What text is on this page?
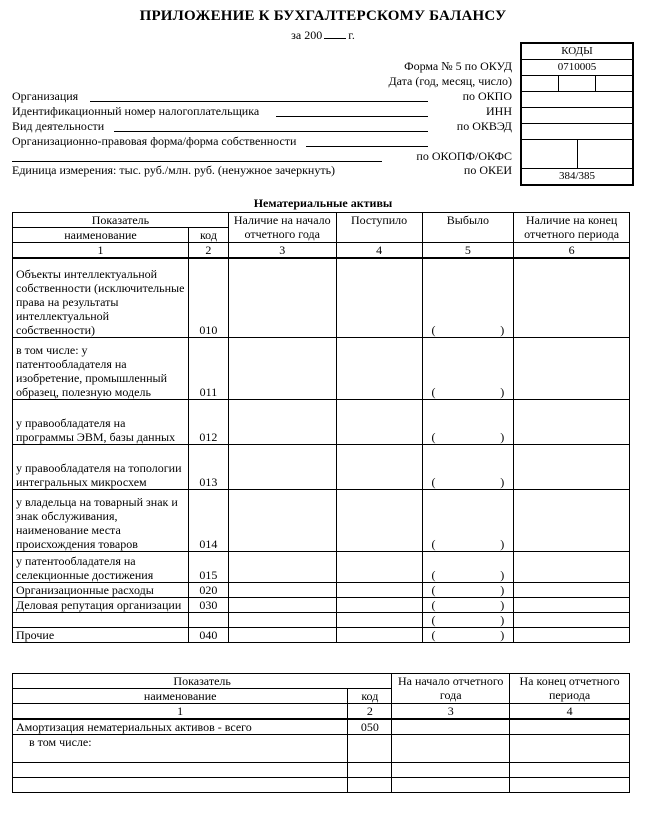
ПРИЛОЖЕНИЕ К БУХГАЛТЕРСКОМУ БАЛАНСУ
за 200 г.
КОДЫ
0710005
384/385
Форма № 5 по ОКУД
Дата (год, месяц, число)
Организация	по ОКПО
Идентификационный номер налогоплательщика	ИНН
Вид деятельности	по ОКВЭД
Организационно-правовая форма/форма собственности
по ОКОПФ/ОКФС
Единица измерения: тыс. руб./млн. руб. (ненужное зачеркнуть)	по ОКЕИ
Нематериальные активы
Показатель		Наличие на начало отчетного года	Поступило	Выбыло	Наличие на конец отчетного периода
наименование	код				
1	2	3	4	5	6
Объекты интеллектуальной собственности (исключительные права на результаты интеллектуальной собственности)	010			( )	

в том числе: у патентообладателя на изобретение, промышленный образец, полезную модель	011			( )	

у правообладателя на программы ЭВМ, базы данных	012			( )	

у правообладателя на топологии интегральных микросхем	013			( )	

у владельца на товарный знак и знак обслуживания, наименование места происхождения товаров	014			( )	

у патентообладателя на селекционные достижения	015			( )	

Организационные расходы	020			( )	

Деловая репутация организации	030			( )	

				( )	

Прочие	040			( )	

Показатель		На начало отчетного года	На конец отчетного периода
наименование	код		
1	2	3	4
Амортизация нематериальных активов - всего	050		
в том числе:			
